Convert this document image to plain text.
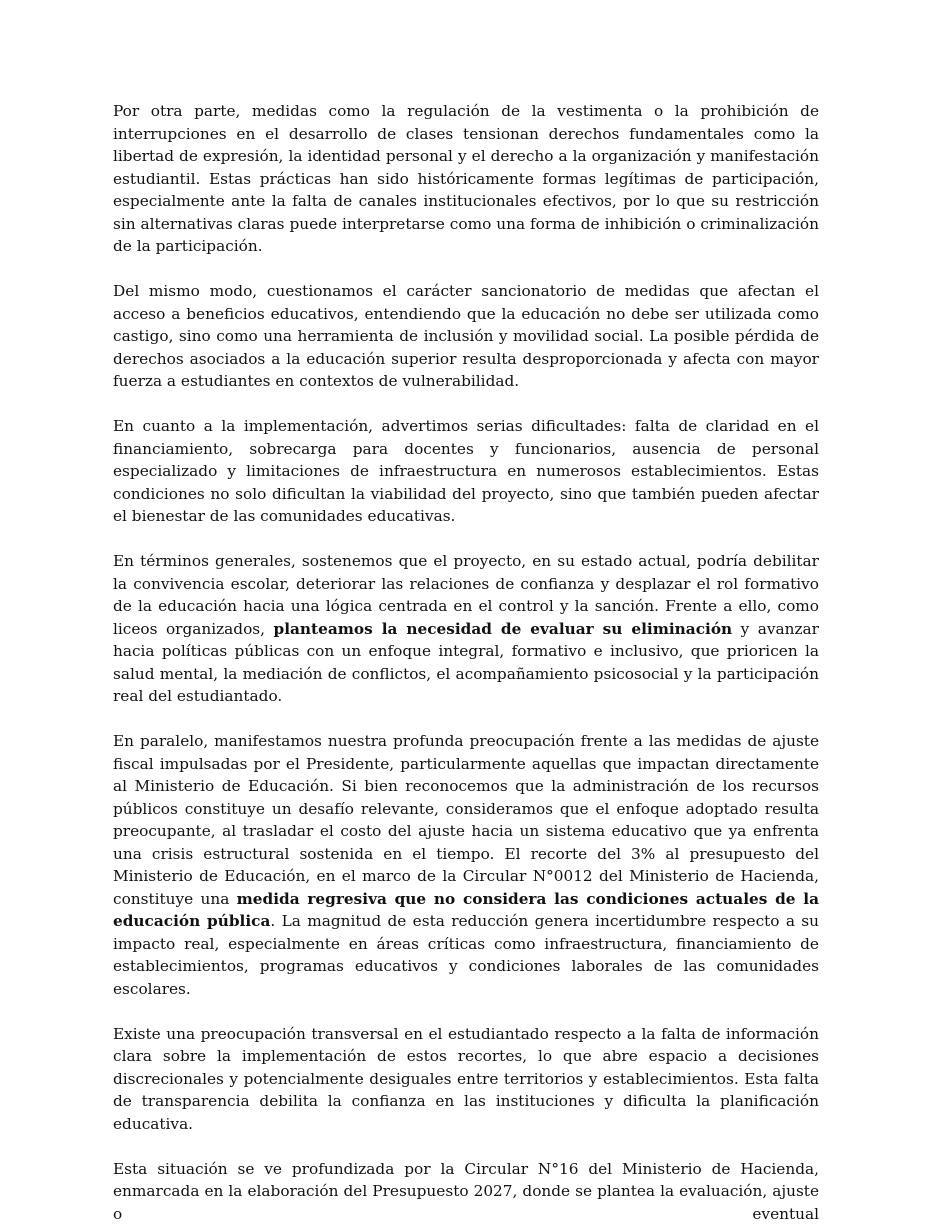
Por otra parte, medidas como la regulación de la vestimenta o la prohibición de interrupciones en el desarrollo de clases tensionan derechos fundamentales como la libertad de expresión, la identidad personal y el derecho a la organización y manifestación estudiantil. Estas prácticas han sido históricamente formas legítimas de participación, especialmente ante la falta de canales institucionales efectivos, por lo que su restricción sin alternativas claras puede interpretarse como una forma de inhibición o criminalización de la participación.

Del mismo modo, cuestionamos el carácter sancionatorio de medidas que afectan el acceso a beneficios educativos, entendiendo que la educación no debe ser utilizada como castigo, sino como una herramienta de inclusión y movilidad social. La posible pérdida de derechos asociados a la educación superior resulta desproporcionada y afecta con mayor fuerza a estudiantes en contextos de vulnerabilidad.

En cuanto a la implementación, advertimos serias dificultades: falta de claridad en el financiamiento, sobrecarga para docentes y funcionarios, ausencia de personal especializado y limitaciones de infraestructura en numerosos establecimientos. Estas condiciones no solo dificultan la viabilidad del proyecto, sino que también pueden afectar el bienestar de las comunidades educativas.

En términos generales, sostenemos que el proyecto, en su estado actual, podría debilitar la convivencia escolar, deteriorar las relaciones de confianza y desplazar el rol formativo de la educación hacia una lógica centrada en el control y la sanción. Frente a ello, como liceos organizados, planteamos la necesidad de evaluar su eliminación y avanzar hacia políticas públicas con un enfoque integral, formativo e inclusivo, que prioricen la salud mental, la mediación de conflictos, el acompañamiento psicosocial y la participación real del estudiantado.

En paralelo, manifestamos nuestra profunda preocupación frente a las medidas de ajuste fiscal impulsadas por el Presidente, particularmente aquellas que impactan directamente al Ministerio de Educación. Si bien reconocemos que la administración de los recursos públicos constituye un desafío relevante, consideramos que el enfoque adoptado resulta preocupante, al trasladar el costo del ajuste hacia un sistema educativo que ya enfrenta una crisis estructural sostenida en el tiempo. El recorte del 3% al presupuesto del Ministerio de Educación, en el marco de la Circular N°0012 del Ministerio de Hacienda, constituye una medida regresiva que no considera las condiciones actuales de la educación pública. La magnitud de esta reducción genera incertidumbre respecto a su impacto real, especialmente en áreas críticas como infraestructura, financiamiento de establecimientos, programas educativos y condiciones laborales de las comunidades escolares.

Existe una preocupación transversal en el estudiantado respecto a la falta de información clara sobre la implementación de estos recortes, lo que abre espacio a decisiones discrecionales y potencialmente desiguales entre territorios y establecimientos. Esta falta de transparencia debilita la confianza en las instituciones y dificulta la planificación educativa.

Esta situación se ve profundizada por la Circular N°16 del Ministerio de Hacienda, enmarcada en la elaboración del Presupuesto 2027, donde se plantea la evaluación, ajuste o eventual
